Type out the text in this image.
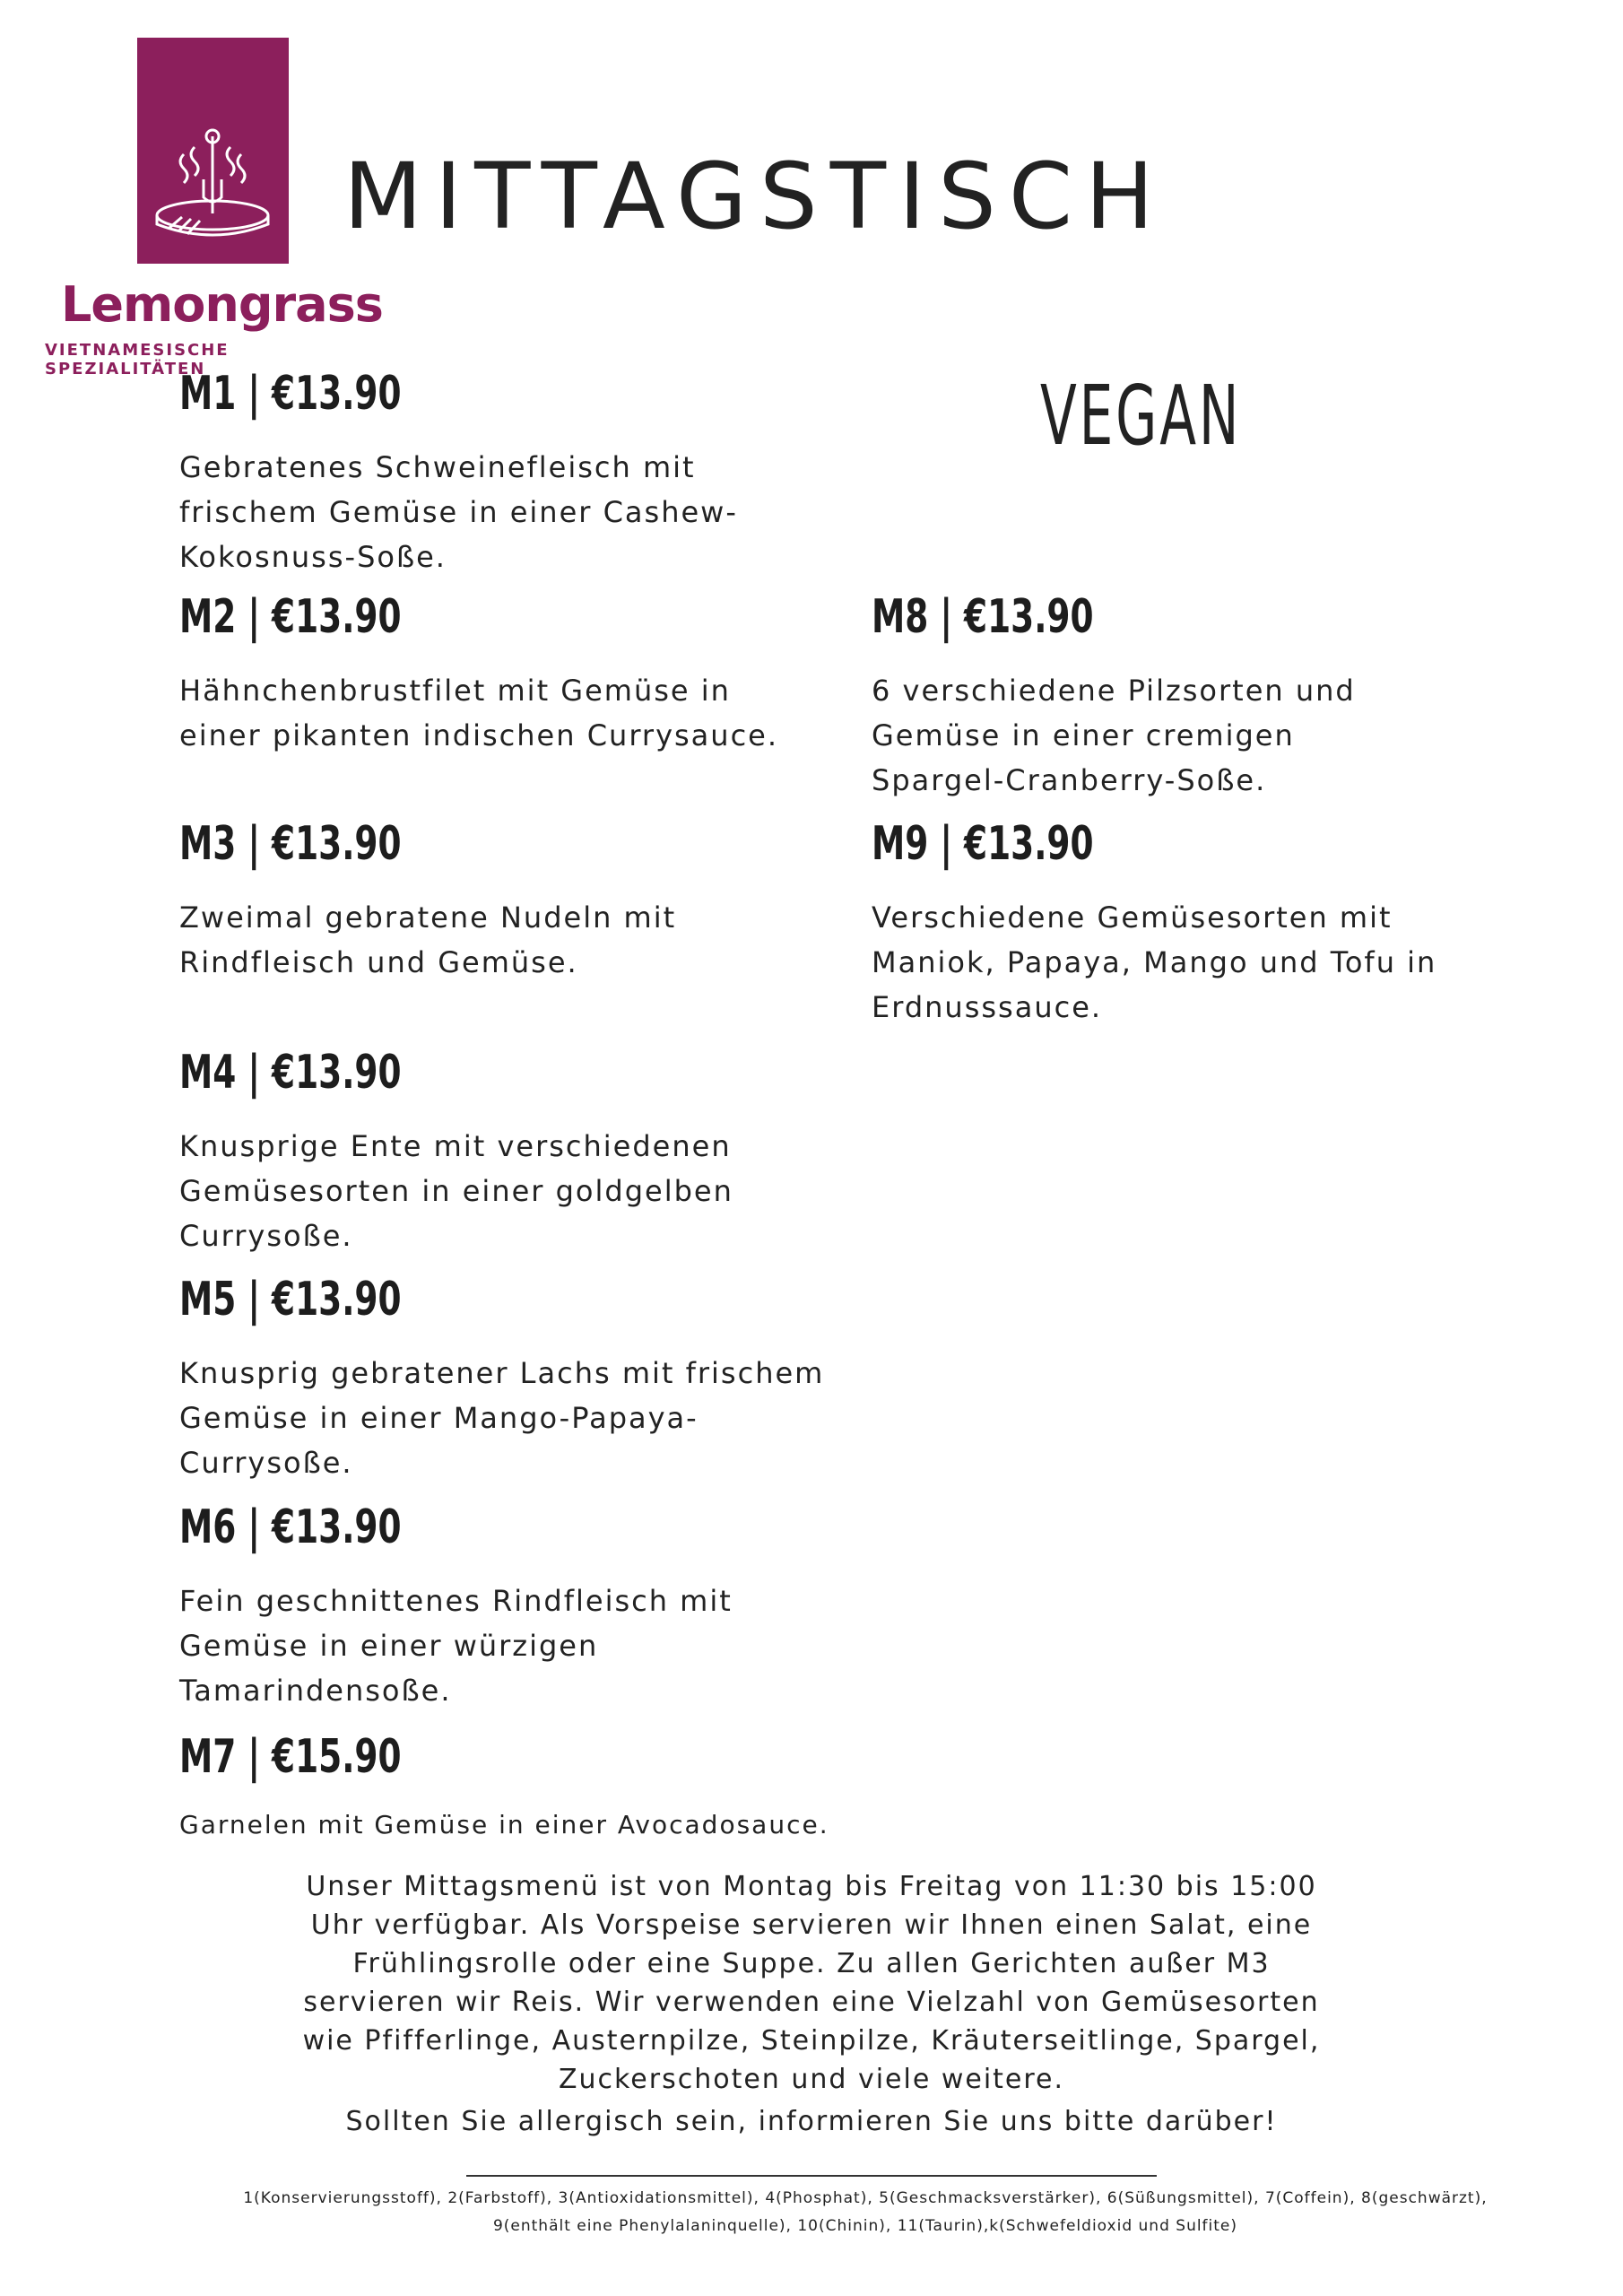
Lemongrass
VIETNAMESISCHE SPEZIALITÄTEN
MITTAGSTISCH
VEGAN
M1 | €13.90
Gebratenes Schweinefleisch mit frischem Gemüse in einer Cashew-Kokosnuss-Soße.
M2 | €13.90
Hähnchenbrustfilet mit Gemüse in einer pikanten indischen Currysauce.
M3 | €13.90
Zweimal gebratene Nudeln mit Rindfleisch und Gemüse.
M4 | €13.90
Knusprige Ente mit verschiedenen Gemüsesorten in einer goldgelben Currysoße.
M5 | €13.90
Knusprig gebratener Lachs mit frischem Gemüse in einer Mango-Papaya-Currysoße.
M6 | €13.90
Fein geschnittenes Rindfleisch mit Gemüse in einer würzigen Tamarindensoße.
M7 | €15.90
Garnelen mit Gemüse in einer Avocadosauce.
M8 | €13.90
6 verschiedene Pilzsorten und Gemüse in einer cremigen Spargel-Cranberry-Soße.
M9 | €13.90
Verschiedene Gemüsesorten mit Maniok, Papaya, Mango und Tofu in Erdnusssauce.

Unser Mittagsmenü ist von Montag bis Freitag von 11:30 bis 15:00 Uhr verfügbar. Als Vorspeise servieren wir Ihnen einen Salat, eine Frühlingsrolle oder eine Suppe. Zu allen Gerichten außer M3 servieren wir Reis. Wir verwenden eine Vielzahl von Gemüsesorten wie Pfifferlinge, Austernpilze, Steinpilze, Kräuterseitlinge, Spargel, Zuckerschoten und viele weitere.

Sollten Sie allergisch sein, informieren Sie uns bitte darüber!

1(Konservierungsstoff), 2(Farbstoff), 3(Antioxidationsmittel), 4(Phosphat), 5(Geschmacksverstärker), 6(Süßungsmittel), 7(Coffein), 8(geschwärzt), 9(enthält eine Phenylalaninquelle), 10(Chinin), 11(Taurin),k(Schwefeldioxid und Sulfite)
